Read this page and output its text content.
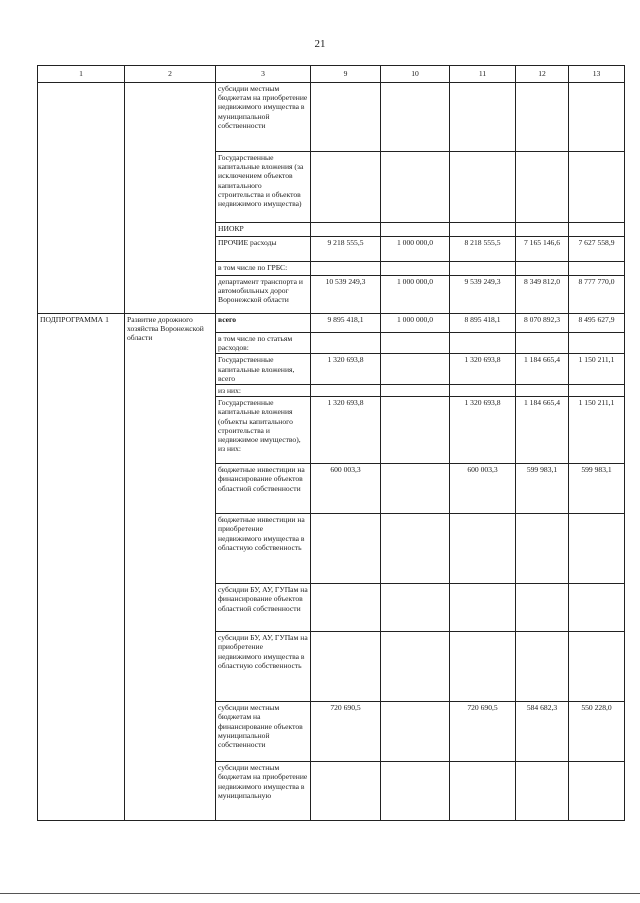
21
1	2	3	9	10	11	12	13
		субсидии местным бюджетам на приобретение недвижимого имущества в муниципальной собственности					
		Государственные капитальные вложения (за исключением объектов капитального строительства и объектов недвижимого имущества)					
		НИОКР					
		ПРОЧИЕ расходы	9 218 555,5	1 000 000,0	8 218 555,5	7 165 146,6	7 627 558,9
		в том числе по ГРБС:					
		департамент транспорта и автомобильных дорог Воронежской области	10 539 249,3	1 000 000,0	9 539 249,3	8 349 812,0	8 777 770,0
ПОДПРОГРАММА 1	Развитие дорожного хозяйства Воронежской области	всего	9 895 418,1	1 000 000,0	8 895 418,1	8 070 892,3	8 495 627,9
		в том числе по статьям расходов:					
		Государственные капитальные вложения, всего	1 320 693,8		1 320 693,8	1 184 665,4	1 150 211,1
		из них:					
		Государственные капитальные вложения (объекты капитального строительства и недвижимое имущество), из них:	1 320 693,8		1 320 693,8	1 184 665,4	1 150 211,1
		бюджетные инвестиции на финансирование объектов областной собственности	600 003,3		600 003,3	599 983,1	599 983,1
		бюджетные инвестиции на приобретение недвижимого имущества в областную собственность					
		субсидии БУ, АУ, ГУПам на финансирование объектов областной собственности					
		субсидии БУ, АУ, ГУПам на приобретение недвижимого имущества в областную собственность					
		субсидии местным бюджетам на финансирование объектов муниципальной собственности	720 690,5		720 690,5	584 682,3	550 228,0
		субсидии местным бюджетам на приобретение недвижимого имущества в муниципальную					
